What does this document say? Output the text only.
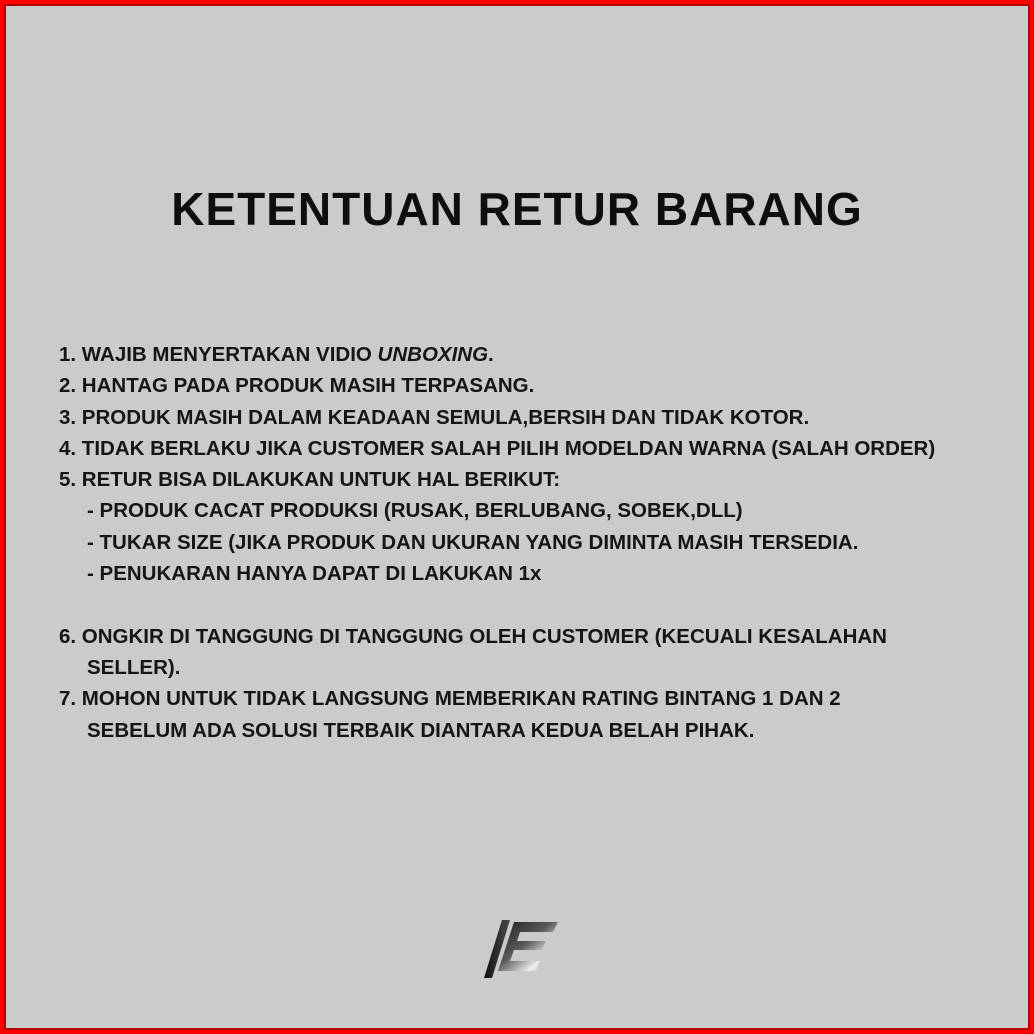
KETENTUAN RETUR BARANG
1. WAJIB MENYERTAKAN VIDIO UNBOXING.
2. HANTAG PADA PRODUK MASIH TERPASANG.
3. PRODUK MASIH DALAM KEADAAN SEMULA,BERSIH DAN TIDAK KOTOR.
4. TIDAK BERLAKU JIKA CUSTOMER SALAH PILIH MODELDAN WARNA (SALAH ORDER)
5. RETUR BISA DILAKUKAN UNTUK HAL BERIKUT:
- PRODUK CACAT PRODUKSI (RUSAK, BERLUBANG, SOBEK,DLL)
- TUKAR SIZE (JIKA PRODUK DAN UKURAN YANG DIMINTA MASIH TERSEDIA.
- PENUKARAN HANYA DAPAT DI LAKUKAN 1x
6. ONGKIR DI TANGGUNG DI TANGGUNG OLEH CUSTOMER (KECUALI KESALAHAN
SELLER).
7. MOHON UNTUK TIDAK LANGSUNG MEMBERIKAN RATING BINTANG 1 DAN 2
SEBELUM ADA SOLUSI TERBAIK DIANTARA KEDUA BELAH PIHAK.
